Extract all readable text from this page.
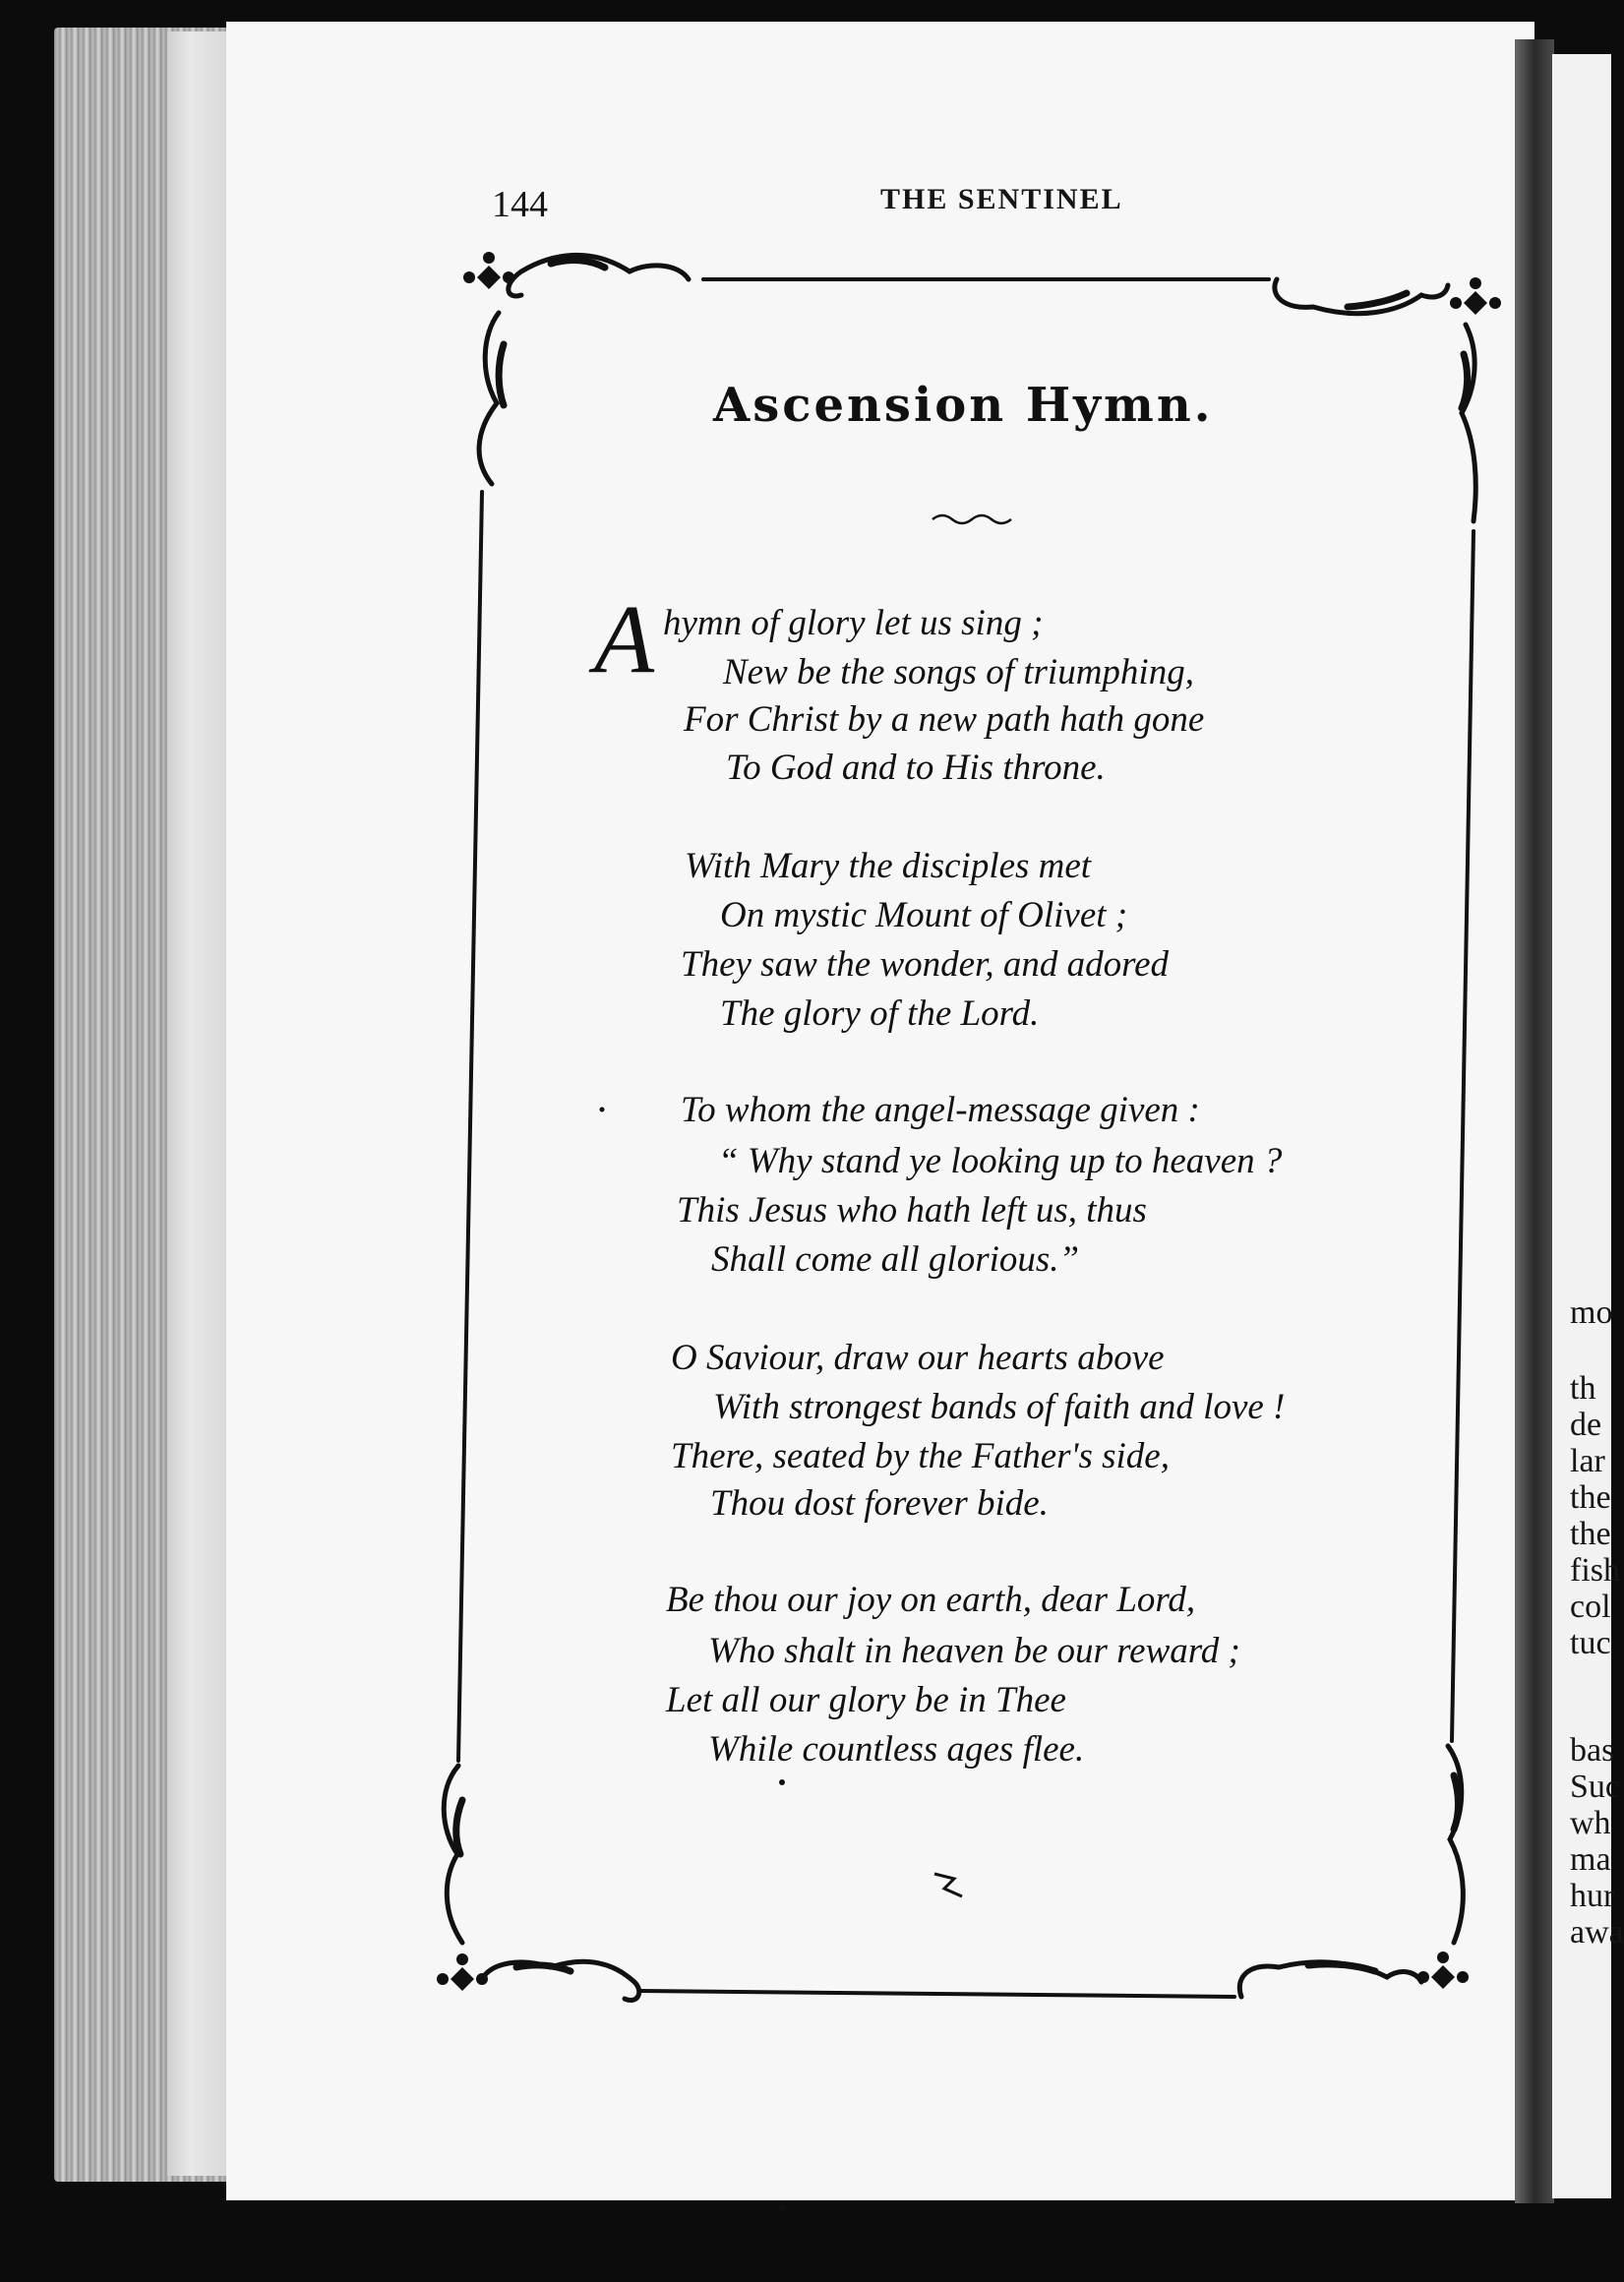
mo
th
de
lar
the
the
fish
col
tuc
bas
Suc
wh
ma
hur
awa
144	THE SENTINEL
Ascension Hymn.
A hymn of glory let us sing ;
New be the songs of triumphing,
For Christ by a new path hath gone
To God and to His throne.
With Mary the disciples met
On mystic Mount of Olivet ;
They saw the wonder, and adored
The glory of the Lord.
To whom the angel-message given :
“ Why stand ye looking up to heaven ?
This Jesus who hath left us, thus
Shall come all glorious.”
O Saviour, draw our hearts above
With strongest bands of faith and love !
There, seated by the Father's side,
Thou dost forever bide.
Be thou our joy on earth, dear Lord,
Who shalt in heaven be our reward ;
Let all our glory be in Thee
While countless ages flee.
